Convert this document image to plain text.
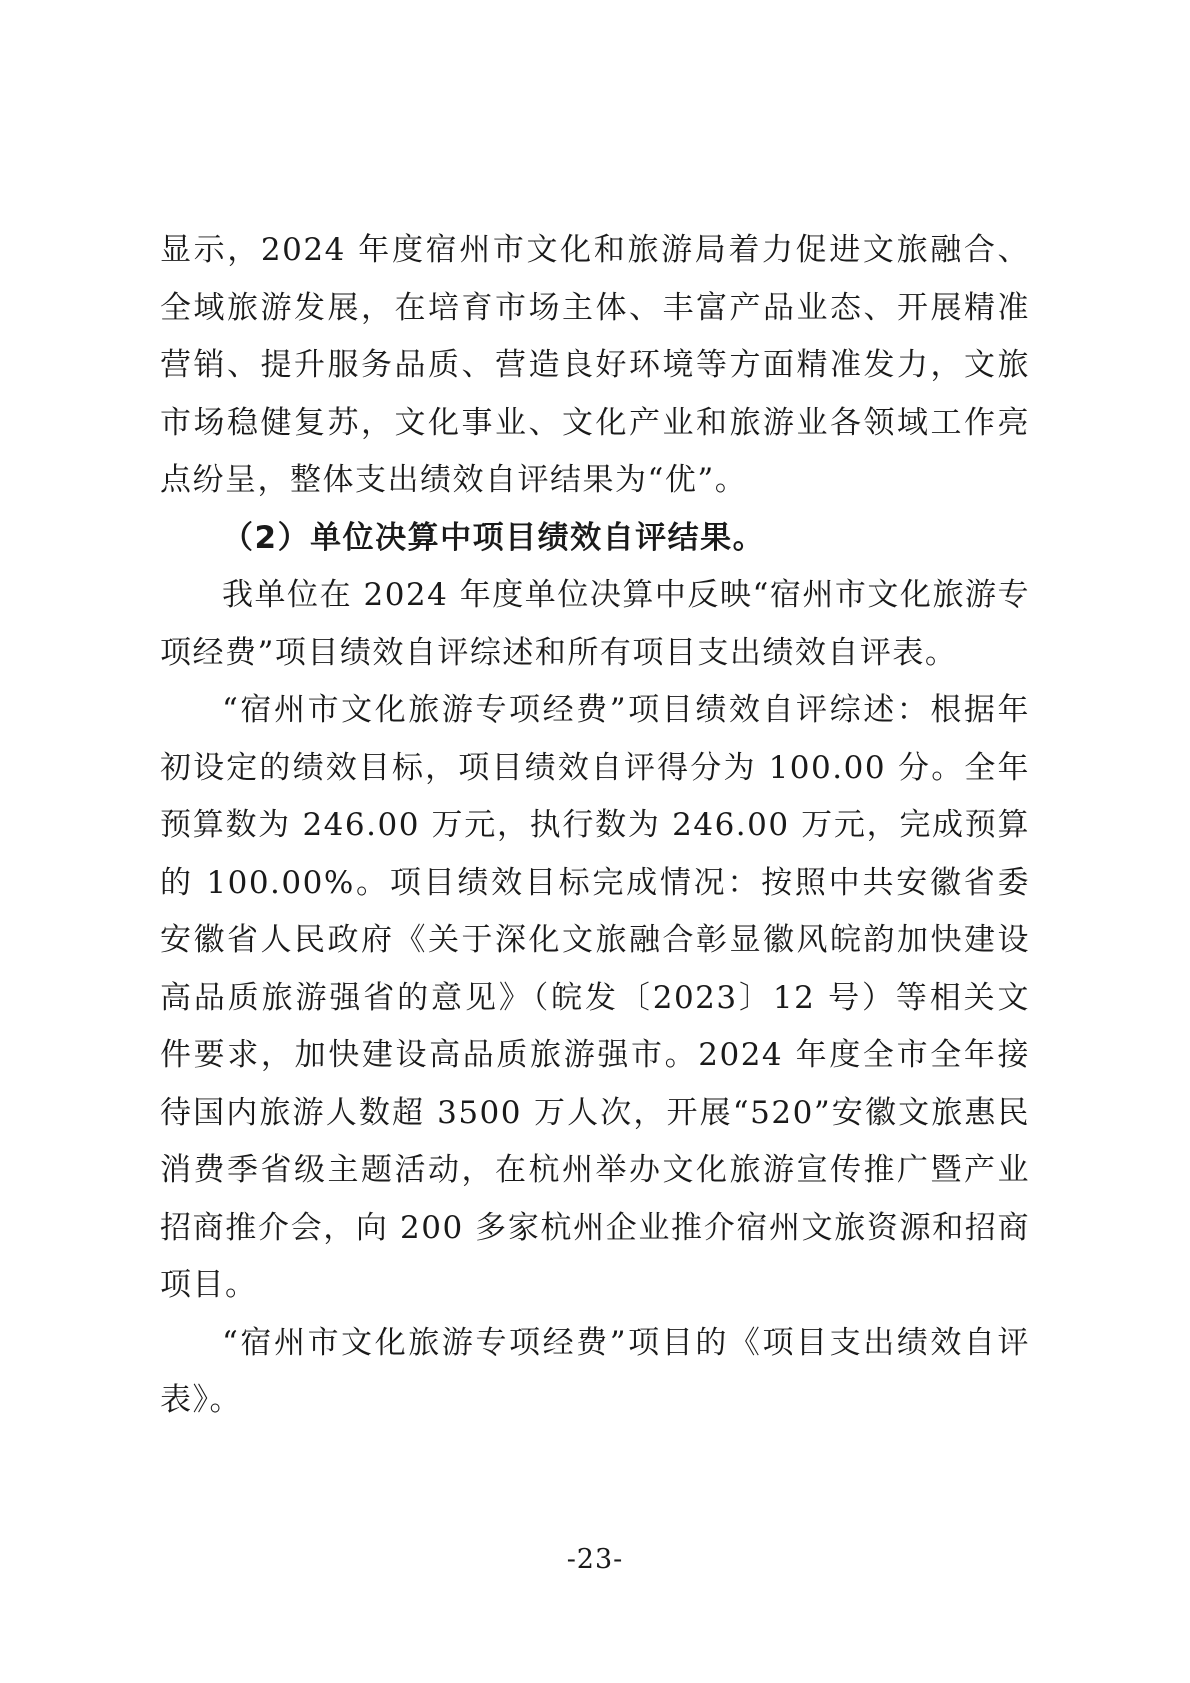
显示，2024 年度宿州市文化和旅游局着力促进文旅融合、全域旅游发展，在培育市场主体、丰富产品业态、开展精准营销、提升服务品质、营造良好环境等方面精准发力，文旅市场稳健复苏，文化事业、文化产业和旅游业各领域工作亮点纷呈，整体支出绩效自评结果为“优”。

（2）单位决算中项目绩效自评结果。

我单位在 2024 年度单位决算中反映“宿州市文化旅游专项经费”项目绩效自评综述和所有项目支出绩效自评表。

“宿州市文化旅游专项经费”项目绩效自评综述：根据年初设定的绩效目标，项目绩效自评得分为 100.00 分。全年预算数为 246.00 万元，执行数为 246.00 万元，完成预算的 100.00%。项目绩效目标完成情况：按照中共安徽省委 安徽省人民政府《关于深化文旅融合彰显徽风皖韵加快建设高品质旅游强省的意见》（皖发〔2023〕12 号）等相关文件要求，加快建设高品质旅游强市。2024 年度全市全年接待国内旅游人数超 3500 万人次，开展“520”安徽文旅惠民消费季省级主题活动，在杭州举办文化旅游宣传推广暨产业招商推介会，向 200 多家杭州企业推介宿州文旅资源和招商项目。

“宿州市文化旅游专项经费”项目的《项目支出绩效自评表》。

-23-
